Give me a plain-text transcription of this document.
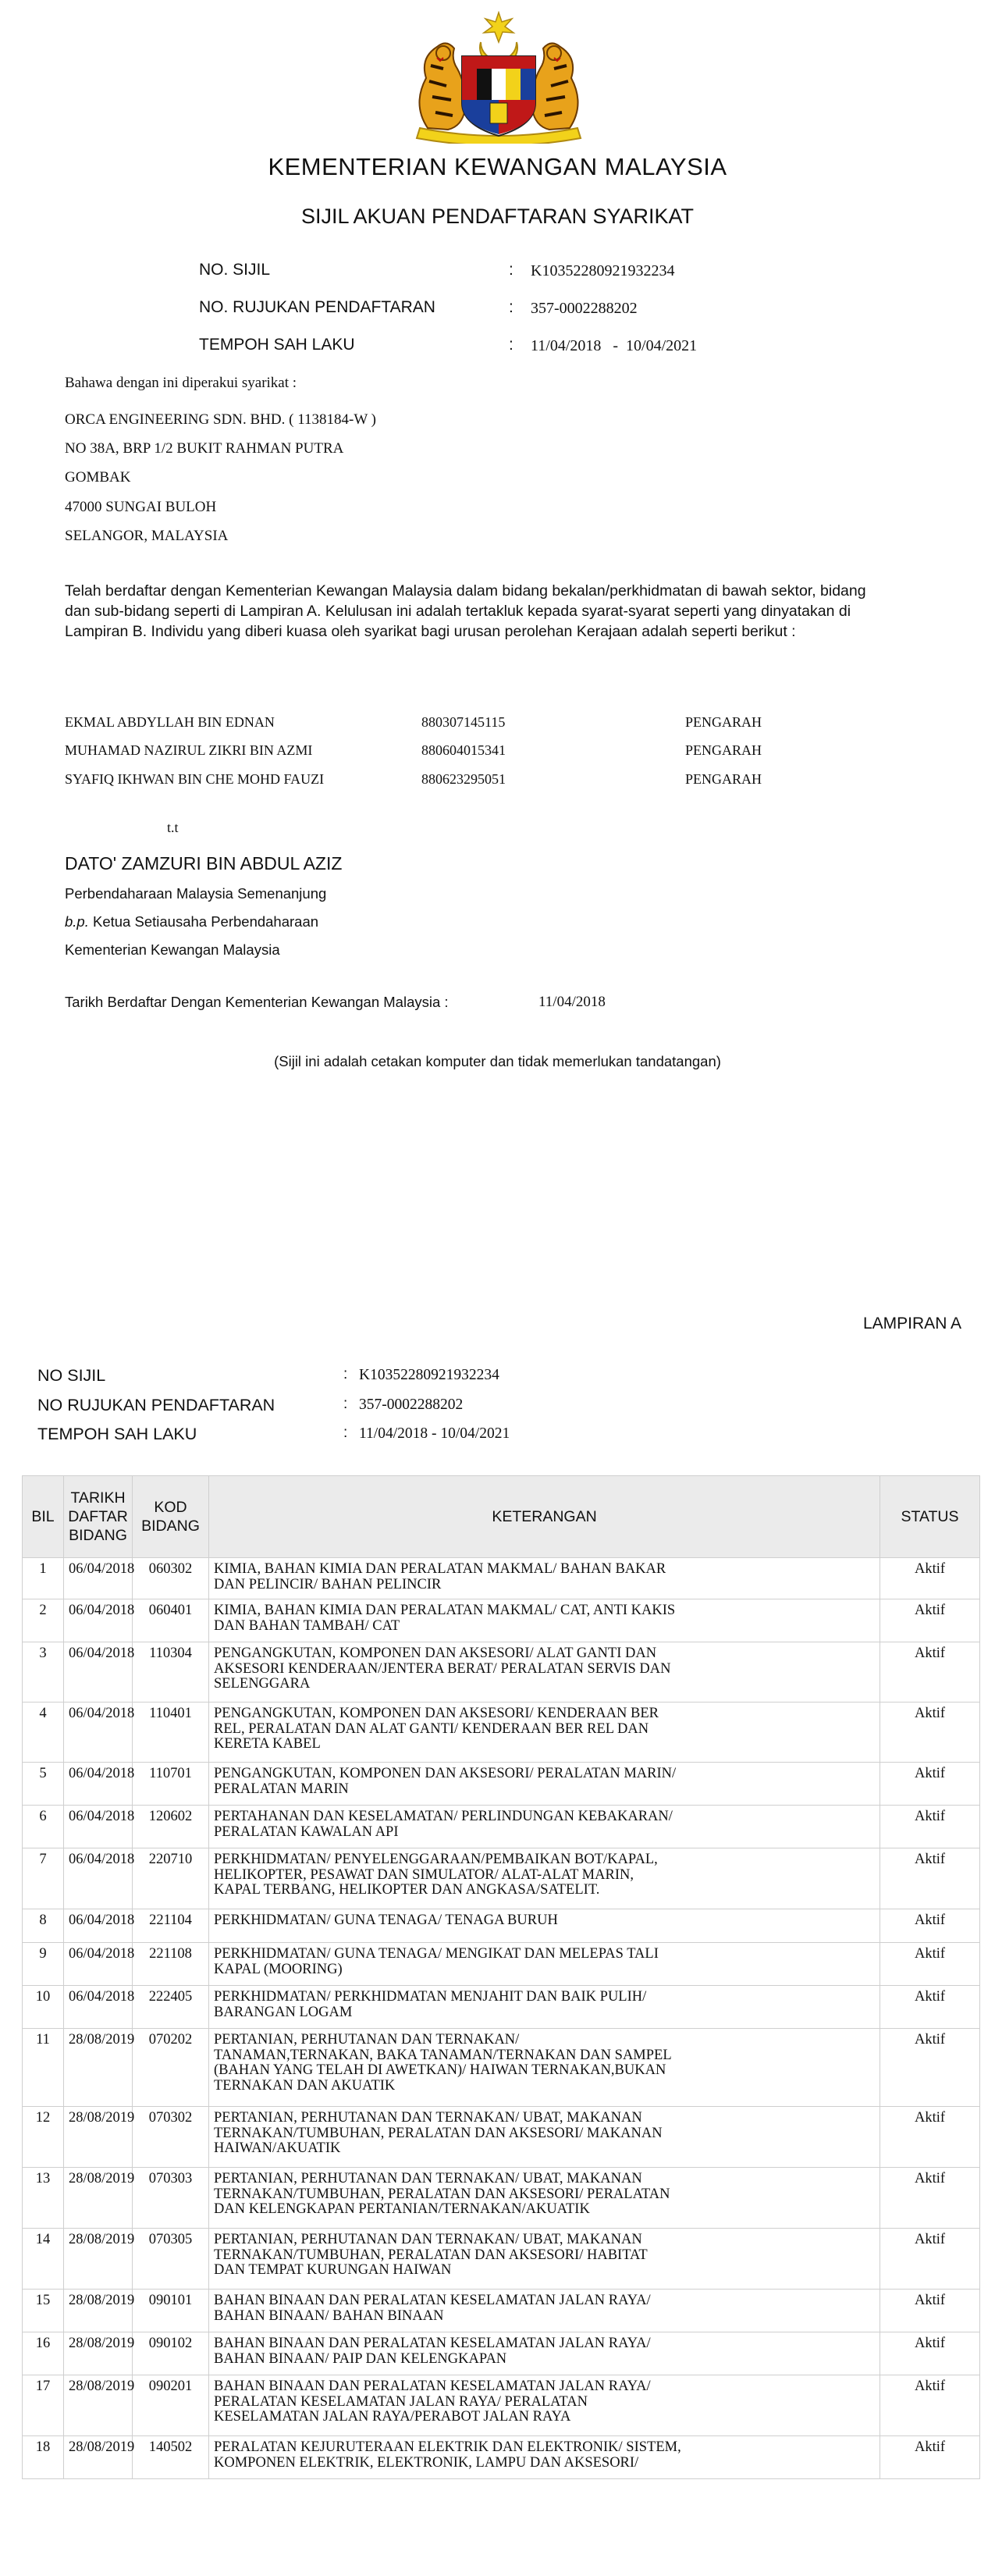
KEMENTERIAN KEWANGAN MALAYSIA
SIJIL AKUAN PENDAFTARAN SYARIKAT
NO. SIJIL	: K10352280921932234
NO. RUJUKAN PENDAFTARAN	: 357-0002288202
TEMPOH SAH LAKU	: 11/04/2018   -  10/04/2021
Bahawa dengan ini diperakui syarikat :
ORCA ENGINEERING SDN. BHD. ( 1138184-W )
NO 38A, BRP 1/2 BUKIT RAHMAN PUTRA
GOMBAK
47000 SUNGAI BULOH
SELANGOR, MALAYSIA
Telah berdaftar dengan Kementerian Kewangan Malaysia dalam bidang bekalan/perkhidmatan di bawah sektor, bidang
dan sub-bidang seperti di Lampiran A. Kelulusan ini adalah tertakluk kepada syarat-syarat seperti yang dinyatakan di
Lampiran B. Individu yang diberi kuasa oleh syarikat bagi urusan perolehan Kerajaan adalah seperti berikut :
EKMAL ABDYLLAH BIN EDNAN	880307145115	PENGARAH
MUHAMAD NAZIRUL ZIKRI BIN AZMI	880604015341	PENGARAH
SYAFIQ IKHWAN BIN CHE MOHD FAUZI	880623295051	PENGARAH
t.t
DATO' ZAMZURI BIN ABDUL AZIZ
Perbendaharaan Malaysia Semenanjung
b.p. Ketua Setiausaha Perbendaharaan
Kementerian Kewangan Malaysia
Tarikh Berdaftar Dengan Kementerian Kewangan Malaysia :	11/04/2018
(Sijil ini adalah cetakan komputer dan tidak memerlukan tandatangan)
LAMPIRAN A
NO SIJIL	: K10352280921932234
NO RUJUKAN PENDAFTARAN	: 357-0002288202
TEMPOH SAH LAKU	: 11/04/2018 - 10/04/2021
BIL	TARIKH DAFTAR BIDANG	KOD BIDANG	KETERANGAN	STATUS
1	06/04/2018	060302	KIMIA, BAHAN KIMIA DAN PERALATAN MAKMAL/ BAHAN BAKAR
DAN PELINCIR/ BAHAN PELINCIR	Aktif
2	06/04/2018	060401	KIMIA, BAHAN KIMIA DAN PERALATAN MAKMAL/ CAT, ANTI KAKIS
DAN BAHAN TAMBAH/ CAT	Aktif
3	06/04/2018	110304	PENGANGKUTAN, KOMPONEN DAN AKSESORI/ ALAT GANTI DAN
AKSESORI KENDERAAN/JENTERA BERAT/ PERALATAN SERVIS DAN
SELENGGARA	Aktif
4	06/04/2018	110401	PENGANGKUTAN, KOMPONEN DAN AKSESORI/ KENDERAAN BER
REL, PERALATAN DAN ALAT GANTI/ KENDERAAN BER REL DAN
KERETA KABEL	Aktif
5	06/04/2018	110701	PENGANGKUTAN, KOMPONEN DAN AKSESORI/ PERALATAN MARIN/
PERALATAN MARIN	Aktif
6	06/04/2018	120602	PERTAHANAN DAN KESELAMATAN/ PERLINDUNGAN KEBAKARAN/
PERALATAN KAWALAN API	Aktif
7	06/04/2018	220710	PERKHIDMATAN/ PENYELENGGARAAN/PEMBAIKAN BOT/KAPAL,
HELIKOPTER, PESAWAT DAN SIMULATOR/ ALAT-ALAT MARIN,
KAPAL TERBANG, HELIKOPTER DAN ANGKASA/SATELIT.	Aktif
8	06/04/2018	221104	PERKHIDMATAN/ GUNA TENAGA/ TENAGA BURUH	Aktif
9	06/04/2018	221108	PERKHIDMATAN/ GUNA TENAGA/ MENGIKAT DAN MELEPAS TALI
KAPAL (MOORING)	Aktif
10	06/04/2018	222405	PERKHIDMATAN/ PERKHIDMATAN MENJAHIT DAN BAIK PULIH/
BARANGAN LOGAM	Aktif
11	28/08/2019	070202	PERTANIAN, PERHUTANAN DAN TERNAKAN/
TANAMAN,TERNAKAN, BAKA TANAMAN/TERNAKAN DAN SAMPEL
(BAHAN YANG TELAH DI AWETKAN)/ HAIWAN TERNAKAN,BUKAN
TERNAKAN DAN AKUATIK	Aktif
12	28/08/2019	070302	PERTANIAN, PERHUTANAN DAN TERNAKAN/ UBAT, MAKANAN
TERNAKAN/TUMBUHAN, PERALATAN DAN AKSESORI/ MAKANAN
HAIWAN/AKUATIK	Aktif
13	28/08/2019	070303	PERTANIAN, PERHUTANAN DAN TERNAKAN/ UBAT, MAKANAN
TERNAKAN/TUMBUHAN, PERALATAN DAN AKSESORI/ PERALATAN
DAN KELENGKAPAN PERTANIAN/TERNAKAN/AKUATIK	Aktif
14	28/08/2019	070305	PERTANIAN, PERHUTANAN DAN TERNAKAN/ UBAT, MAKANAN
TERNAKAN/TUMBUHAN, PERALATAN DAN AKSESORI/ HABITAT
DAN TEMPAT KURUNGAN HAIWAN	Aktif
15	28/08/2019	090101	BAHAN BINAAN DAN PERALATAN KESELAMATAN JALAN RAYA/
BAHAN BINAAN/ BAHAN BINAAN	Aktif
16	28/08/2019	090102	BAHAN BINAAN DAN PERALATAN KESELAMATAN JALAN RAYA/
BAHAN BINAAN/ PAIP DAN KELENGKAPAN	Aktif
17	28/08/2019	090201	BAHAN BINAAN DAN PERALATAN KESELAMATAN JALAN RAYA/
PERALATAN KESELAMATAN JALAN RAYA/ PERALATAN
KESELAMATAN JALAN RAYA/PERABOT JALAN RAYA	Aktif
18	28/08/2019	140502	PERALATAN KEJURUTERAAN ELEKTRIK DAN ELEKTRONIK/ SISTEM,
KOMPONEN ELEKTRIK, ELEKTRONIK, LAMPU DAN AKSESORI/	Aktif
